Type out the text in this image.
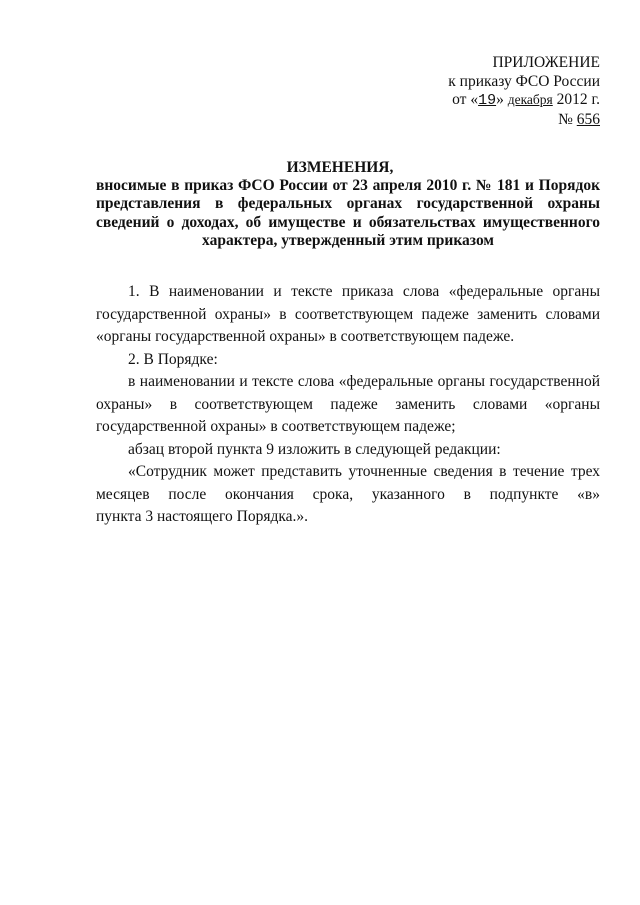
ПРИЛОЖЕНИЕ
к приказу ФСО России
от «19» декабря 2012 г.
№ 656
ИЗМЕНЕНИЯ,
вносимые в приказ ФСО России от 23 апреля 2010 г. № 181 и Порядок
представления в федеральных органах государственной охраны
сведений о доходах, об имуществе и обязательствах имущественного
характера, утвержденный этим приказом
1. В наименовании и тексте приказа слова «федеральные органы
государственной охраны» в соответствующем падеже заменить словами
«органы государственной охраны» в соответствующем падеже.
2. В Порядке:
в наименовании и тексте слова «федеральные органы государственной
охраны» в соответствующем падеже заменить словами «органы
государственной охраны» в соответствующем падеже;
абзац второй пункта 9 изложить в следующей редакции:
«Сотрудник может представить уточненные сведения в течение трех
месяцев после окончания срока, указанного в подпункте «в»
пункта 3 настоящего Порядка.».
